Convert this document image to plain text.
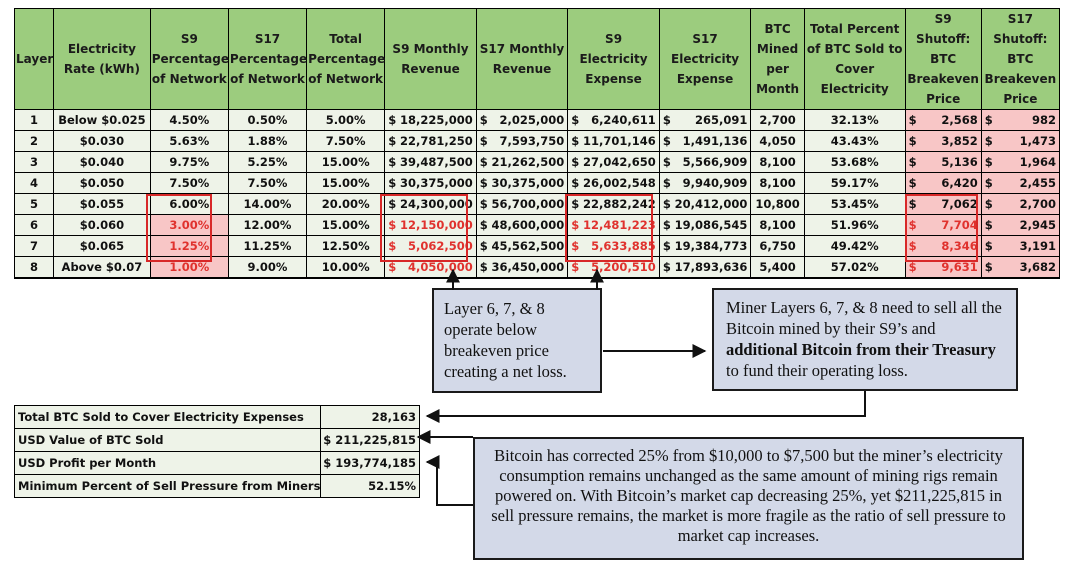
Layer	Electricity Rate (kWh)	S9 Percentage of Network	S17 Percentage of Network	Total Percentage of Network	S9 Monthly Revenue	S17 Monthly Revenue	S9 Electricity Expense	S17 Electricity Expense	BTC Mined per Month	Total Percent of BTC Sold to Cover Electricity	S9 Shutoff: BTC Breakeven Price	S17 Shutoff: BTC Breakeven Price
1	Below $0.025	4.50%	0.50%	5.00%	$ 18,225,000	$ 2,025,000	$ 6,240,611	$ 265,091	2,700	32.13%	$ 2,568	$ 982

2	$0.030	5.63%	1.88%	7.50%	$ 22,781,250	$ 7,593,750	$ 11,701,146	$ 1,491,136	4,050	43.43%	$ 3,852	$ 1,473

3	$0.040	9.75%	5.25%	15.00%	$ 39,487,500	$ 21,262,500	$ 27,042,650	$ 5,566,909	8,100	53.68%	$ 5,136	$ 1,964

4	$0.050	7.50%	7.50%	15.00%	$ 30,375,000	$ 30,375,000	$ 26,002,548	$ 9,940,909	8,100	59.17%	$ 6,420	$ 2,455

5	$0.055	6.00%	14.00%	20.00%	$ 24,300,000	$ 56,700,000	$ 22,882,242	$ 20,412,000	10,800	53.45%	$ 7,062	$ 2,700

6	$0.060	3.00%	12.00%	15.00%	$ 12,150,000	$ 48,600,000	$ 12,481,223	$ 19,086,545	8,100	51.96%	$ 7,704	$ 2,945

7	$0.065	1.25%	11.25%	12.50%	$ 5,062,500	$ 45,562,500	$ 5,633,885	$ 19,384,773	6,750	49.42%	$ 8,346	$ 3,191

8	Above $0.07	1.00%	9.00%	10.00%	$ 4,050,000	$ 36,450,000	$ 5,200,510	$ 17,893,636	5,400	57.02%	$ 9,631	$ 3,682
Layer 6, 7, & 8 operate below breakeven price creating a net loss.
Miner Layers 6, 7, & 8 need to sell all the Bitcoin mined by their S9’s and additional Bitcoin from their Treasury to fund their operating loss.
Bitcoin has corrected 25% from $10,000 to $7,500 but the miner’s electricity consumption remains unchanged as the same amount of mining rigs remain powered on. With Bitcoin’s market cap decreasing 25%, yet $211,225,815 in sell pressure remains, the market is more fragile as the ratio of sell pressure to market cap increases.
Total BTC Sold to Cover Electricity Expenses	28,163
USD Value of BTC Sold	$ 211,225,815
USD Profit per Month	$ 193,774,185
Minimum Percent of Sell Pressure from Miners	52.15%
